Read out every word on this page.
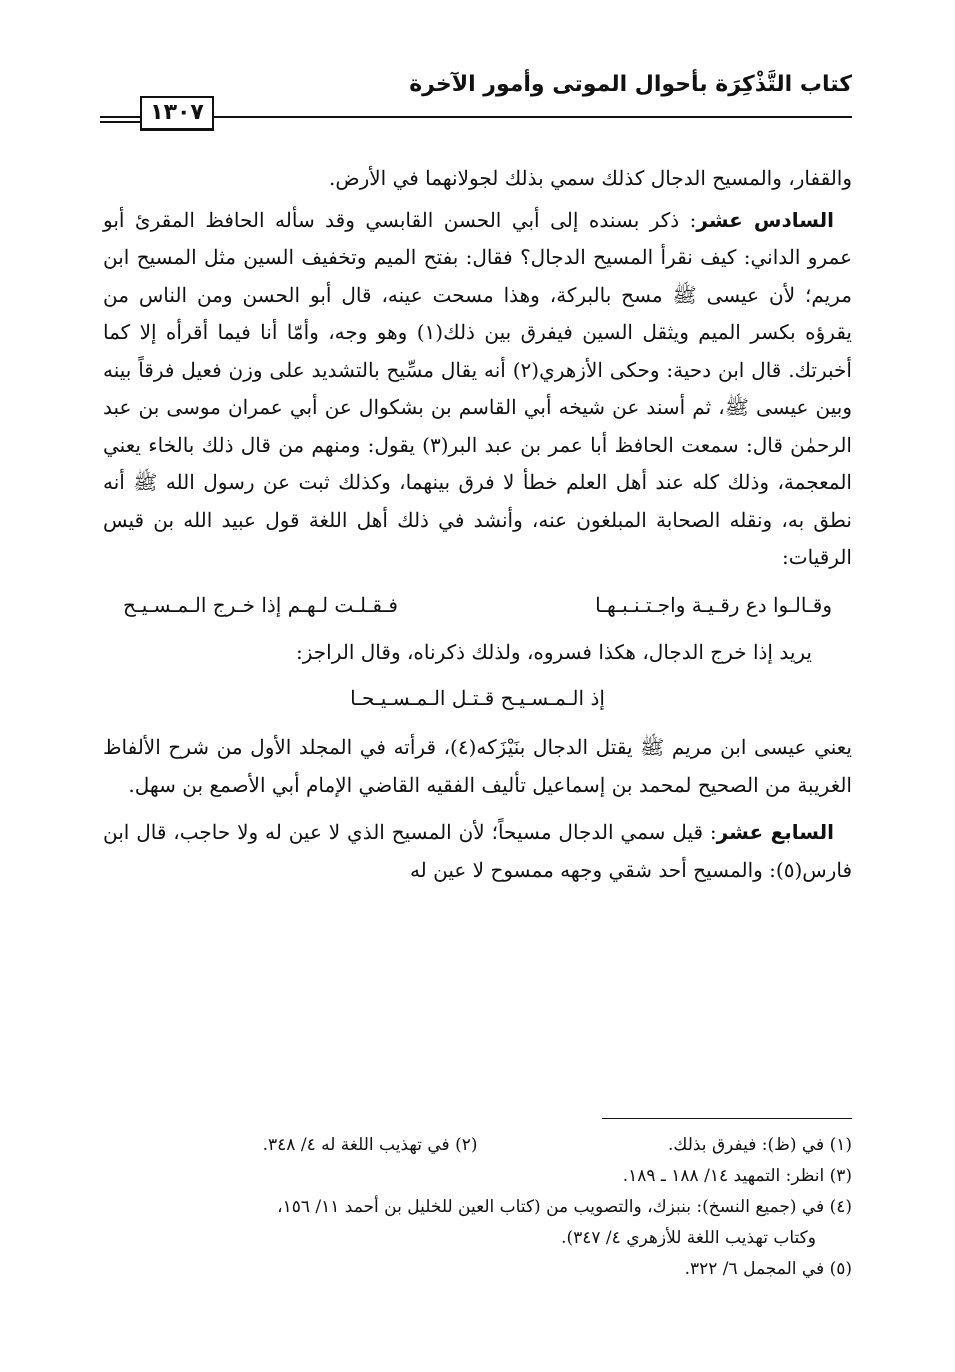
كتاب التَّذْكِرَة بأحوال الموتى وأمور الآخرة
١٣٠٧

والقفار، والمسيح الدجال كذلك سمي بذلك لجولانهما في الأرض.

السادس عشر: ذكر بسنده إلى أبي الحسن القابسي وقد سأله الحافظ المقرئ أبو عمرو الداني: كيف نقرأ المسيح الدجال؟ فقال: بفتح الميم وتخفيف السين مثل المسيح ابن مريم؛ لأن عيسى ﷺ مسح بالبركة، وهذا مسحت عينه، قال أبو الحسن ومن الناس من يقرؤه بكسر الميم ويثقل السين فيفرق بين ذلك(١) وهو وجه، وأمّا أنا فيما أقرأه إلا كما أخبرتك. قال ابن دحية: وحكى الأزهري(٢) أنه يقال مسِّيح بالتشديد على وزن فعيل فرقاً بينه وبين عيسى ﷺ، ثم أسند عن شيخه أبي القاسم بن بشكوال عن أبي عمران موسى بن عبد الرحمٰن قال: سمعت الحافظ أبا عمر بن عبد البر(٣) يقول: ومنهم من قال ذلك بالخاء يعني المعجمة، وذلك كله عند أهل العلم خطأ لا فرق بينهما، وكذلك ثبت عن رسول الله ﷺ أنه نطق به، ونقله الصحابة المبلغون عنه، وأنشد في ذلك أهل اللغة قول عبيد الله بن قيس الرقيات:

وقـالـوا دع رقـيـة واجـتـنـبـهـا
فـقـلـت لـهـم إذا خـرج الـمـسـيـح

يريد إذا خرج الدجال، هكذا فسروه، ولذلك ذكرناه، وقال الراجز:

إذ الـمـسـيـح قـتـل الـمـسـيـحـا

يعني عيسى ابن مريم ﷺ يقتل الدجال بنَيْزَكه(٤)، قرأته في المجلد الأول من شرح الألفاظ الغريبة من الصحيح لمحمد بن إسماعيل تأليف الفقيه القاضي الإمام أبي الأصمع بن سهل.

السابع عشر: قيل سمي الدجال مسيحاً؛ لأن المسيح الذي لا عين له ولا حاجب، قال ابن فارس(٥): والمسيح أحد شقي وجهه ممسوح لا عين له

(١) في (ظ): فيفرق بذلك.
(٢) في تهذيب اللغة له ٤/ ٣٤٨.
(٣) انظر: التمهيد ١٤/ ١٨٨ ـ ١٨٩.
(٤) في (جميع النسخ): بنبزك، والتصويب من (كتاب العين للخليل بن أحمد ١١/ ١٥٦،
وكتاب تهذيب اللغة للأزهري ٤/ ٣٤٧).
(٥) في المجمل ٦/ ٣٢٢.
